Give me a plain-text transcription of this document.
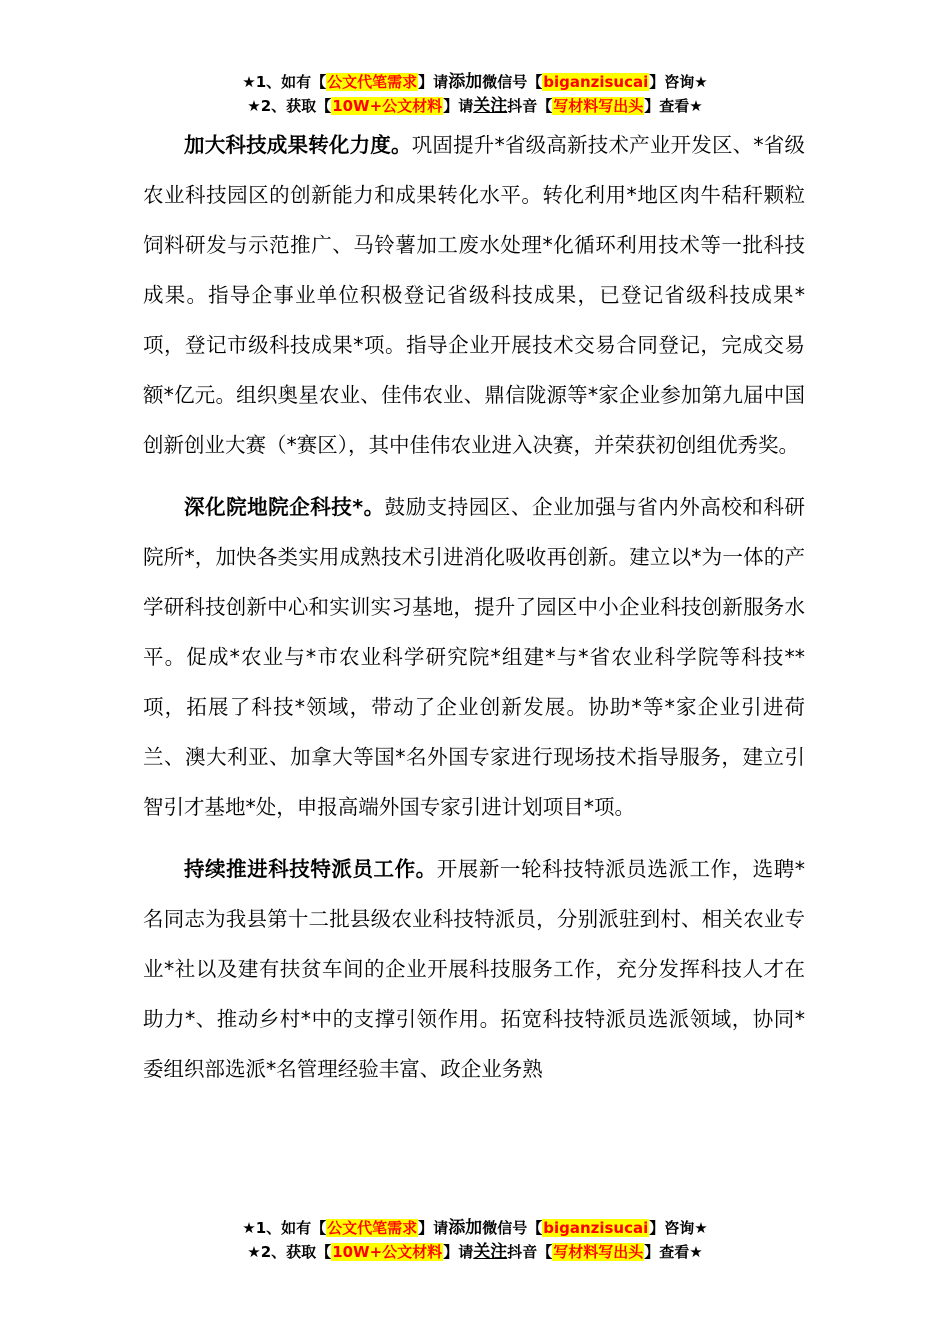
★1、如有【公文代笔需求】请添加微信号【biganzisucai】咨询★
★2、获取【10W+公文材料】请关注抖音【写材料写出头】查看★

加大科技成果转化力度。巩固提升*省级高新技术产业开发区、*省级农业科技园区的创新能力和成果转化水平。转化利用*地区肉牛秸秆颗粒饲料研发与示范推广、马铃薯加工废水处理*化循环利用技术等一批科技成果。指导企事业单位积极登记省级科技成果，已登记省级科技成果*项，登记市级科技成果*项。指导企业开展技术交易合同登记，完成交易额*亿元。组织奥星农业、佳伟农业、鼎信陇源等*家企业参加第九届中国创新创业大赛（*赛区），其中佳伟农业进入决赛，并荣获初创组优秀奖。

深化院地院企科技*。鼓励支持园区、企业加强与省内外高校和科研院所*，加快各类实用成熟技术引进消化吸收再创新。建立以*为一体的产学研科技创新中心和实训实习基地，提升了园区中小企业科技创新服务水平。促成*农业与*市农业科学研究院*组建*与*省农业科学院等科技**项，拓展了科技*领域，带动了企业创新发展。协助*等*家企业引进荷兰、澳大利亚、加拿大等国*名外国专家进行现场技术指导服务，建立引智引才基地*处，申报高端外国专家引进计划项目*项。

持续推进科技特派员工作。开展新一轮科技特派员选派工作，选聘*名同志为我县第十二批县级农业科技特派员，分别派驻到村、相关农业专业*社以及建有扶贫车间的企业开展科技服务工作，充分发挥科技人才在助力*、推动乡村*中的支撑引领作用。拓宽科技特派员选派领域，协同*委组织部选派*名管理经验丰富、政企业务熟

★1、如有【公文代笔需求】请添加微信号【biganzisucai】咨询★
★2、获取【10W+公文材料】请关注抖音【写材料写出头】查看★
